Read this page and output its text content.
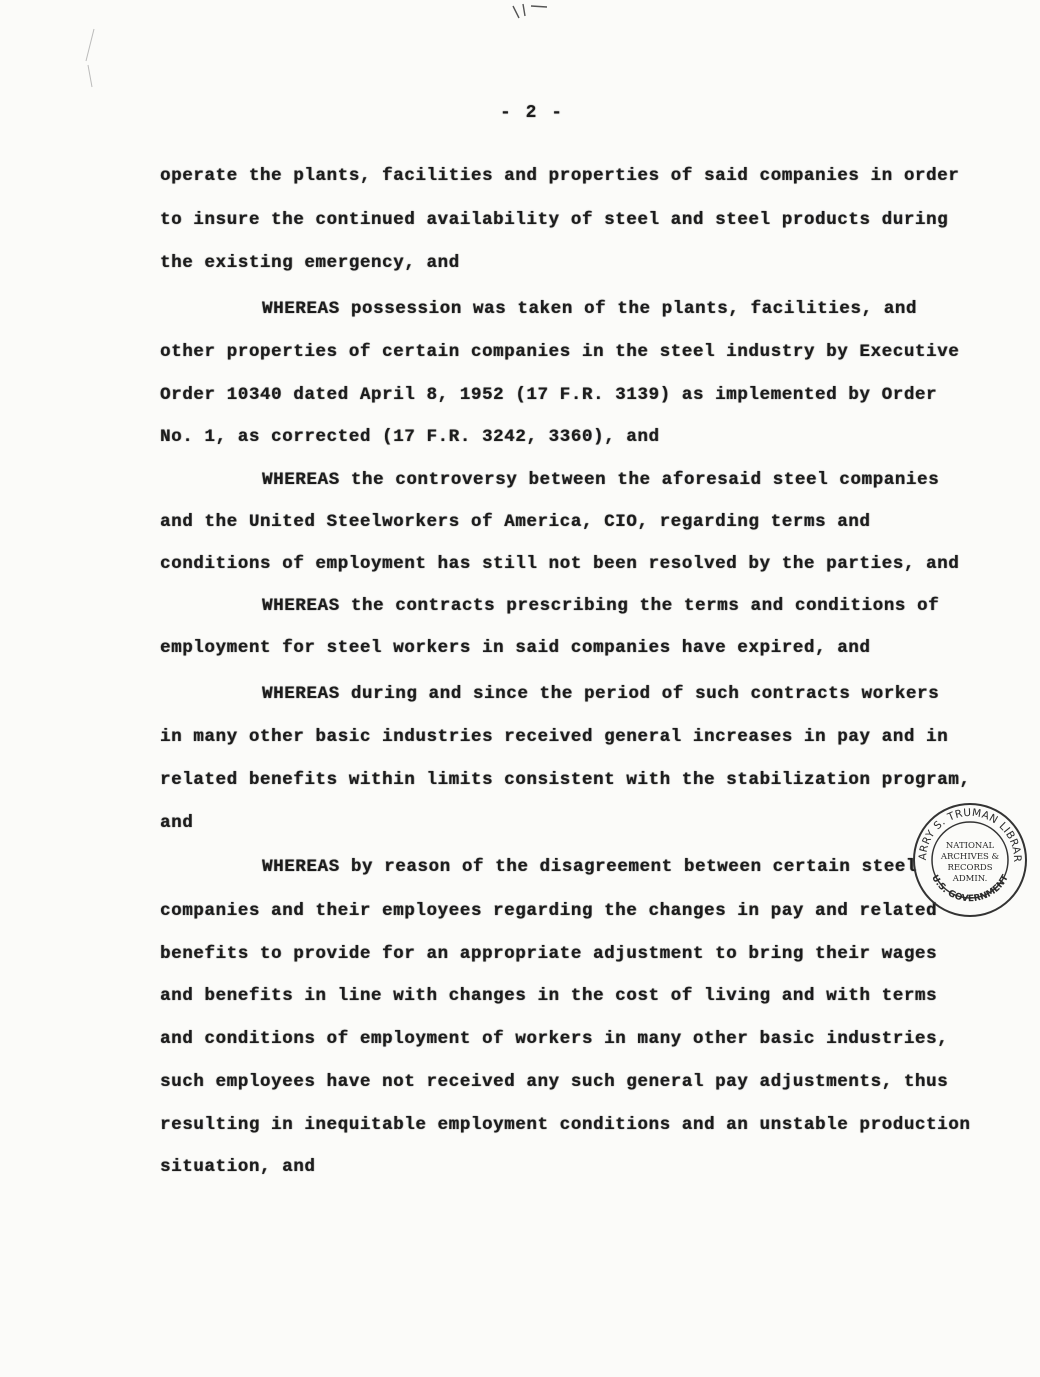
- 2 -
operate the plants, facilities and properties of said companies in order
to insure the continued availability of steel and steel products during
the existing emergency, and
WHEREAS possession was taken of the plants, facilities, and
other properties of certain companies in the steel industry by Executive
Order 10340 dated April 8, 1952 (17 F.R. 3139) as implemented by Order
No. 1, as corrected (17 F.R. 3242, 3360), and
WHEREAS the controversy between the aforesaid steel companies
and the United Steelworkers of America, CIO, regarding terms and
conditions of employment has still not been resolved by the parties, and
WHEREAS the contracts prescribing the terms and conditions of
employment for steel workers in said companies have expired, and
WHEREAS during and since the period of such contracts workers
in many other basic industries received general increases in pay and in
related benefits within limits consistent with the stabilization program,
and
WHEREAS by reason of the disagreement between certain steel
companies and their employees regarding the changes in pay and related
benefits to provide for an appropriate adjustment to bring their wages
and benefits in line with changes in the cost of living and with terms
and conditions of employment of workers in many other basic industries,
such employees have not received any such general pay adjustments, thus
resulting in inequitable employment conditions and an unstable production
situation, and
ARRY S. TRUMAN LIBRAR
U.S. GOVERNMENT
NATIONAL
ARCHIVES &
RECORDS
ADMIN.
